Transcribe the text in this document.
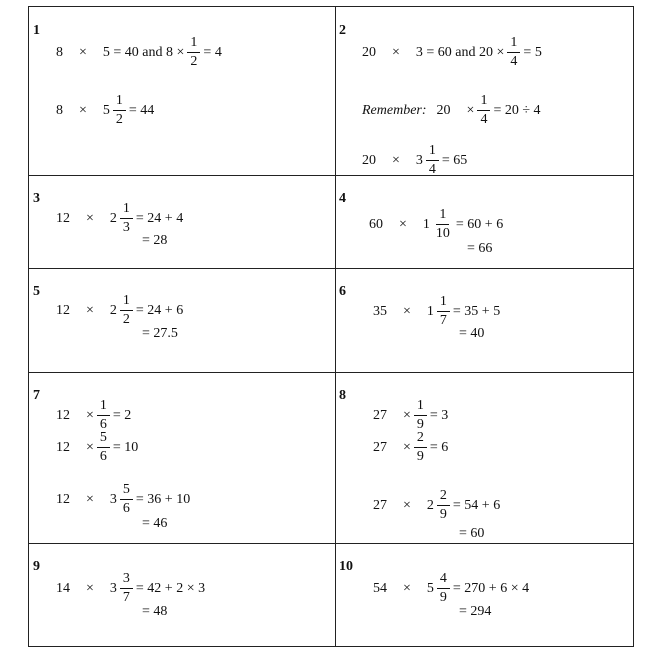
1
8 × 5 = 40 and $8 \times \frac{1}{2} = 4$
$8 \times 5 \frac{1}{2} = 44$
2
20 × 3 = 60 and $20 \times \frac{1}{4} = 5$
Remember: $20 \times \frac{1}{4} = 20 \div 4$
$20 \times 3 \frac{1}{4} = 65$
3
$12 \times 2 \frac{1}{3} = 24 + 4$
= 28
4
$60 \times 1 \frac{1}{10} = 60 + 6$
= 66
5
$12 \times 2 \frac{1}{2} = 24 + 6$
= 27.5
6
$35 \times 1 \frac{1}{7} = 35 + 5$
= 40
7
$12 \times \frac{1}{6} = 2$
$12 \times \frac{5}{6} = 10$
$12 \times 3 \frac{5}{6} = 36 + 10$
= 46
8
$27 \times \frac{1}{9} = 3$
$27 \times \frac{2}{9} = 6$
$27 \times 2 \frac{2}{9} = 54 + 6$
= 60
9
$14 \times 3 \frac{3}{7} = 42 + 2 \times 3$
= 48
10
$54 \times 5 \frac{4}{9} = 270 + 6 \times 4$
= 294
